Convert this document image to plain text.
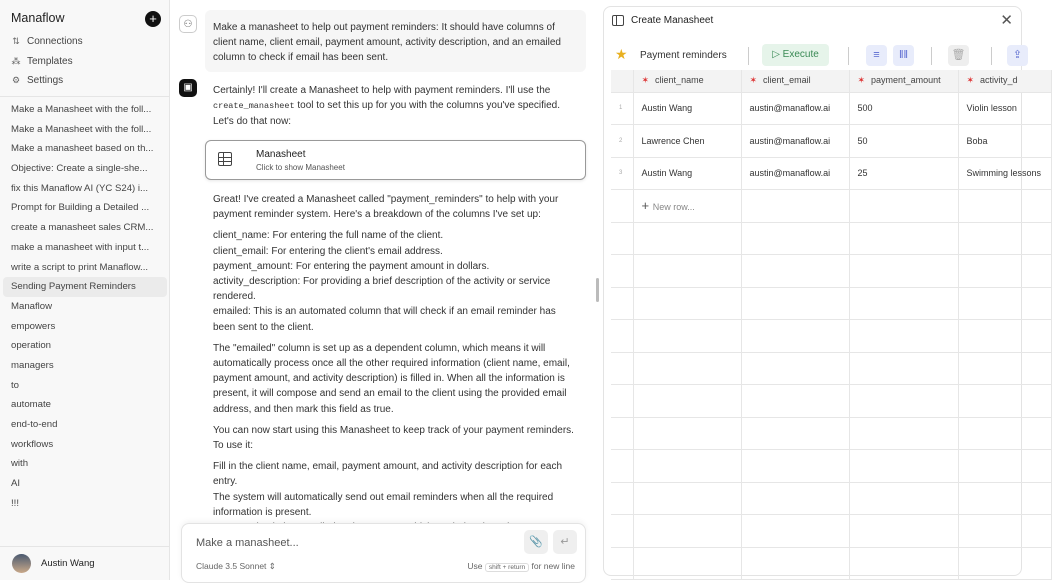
Manaflow	+
⇅ Connections
⁂ Templates
⚙ Settings
Make a Manasheet with the foll...
Make a Manasheet with the foll...
Make a manasheet based on th...
Objective: Create a single-she...
fix this Manaflow AI (YC S24) i...
Prompt for Building a Detailed ...
create a manasheet sales CRM...
make a manasheet with input t...
write a script to print Manaflow...
Sending Payment Reminders
Manaflow
empowers
operation
managers
to
automate
end-to-end
workflows
with
AI
!!!
Austin Wang
⚇	Make a manasheet to help out payment reminders: It should have columns of client name, client email, payment amount, activity description, and an emailed column to check if email has been sent.
▣	Certainly! I'll create a Manasheet to help with payment reminders. I'll use the create_manasheet tool to set this up for you with the columns you've specified. Let's do that now:
Manasheet
Click to show Manasheet

Great! I've created a Manasheet called "payment_reminders" to help with your payment reminder system. Here's a breakdown of the columns I've set up:

client_name: For entering the full name of the client.
client_email: For entering the client's email address.
payment_amount: For entering the payment amount in dollars.
activity_description: For providing a brief description of the activity or service rendered.
emailed: This is an automated column that will check if an email reminder has been sent to the client.

The "emailed" column is set up as a dependent column, which means it will automatically process once all the other required information (client name, email, payment amount, and activity description) is filled in. When all the information is present, it will compose and send an email to the client using the provided email address, and then mark this field as true.

You can now start using this Manasheet to keep track of your payment reminders. To use it:

Fill in the client name, email, payment amount, and activity description for each entry.
The system will automatically send out email reminders when all the required information is present.

Make a manasheet...	📎	↵
Claude 3.5 Sonnet ⇕	Use shift + return for new line
Create Manasheet	✕
★ Payment reminders	▷ Execute	≡	‖‖	🗑	⇪
	✶ client_name	✶ client_email	✶ payment_amount	✶ activity_d
1	Austin Wang	austin@manaflow.ai	500	Violin lesson
2	Lawrence Chen	austin@manaflow.ai	50	Boba
3	Austin Wang	austin@manaflow.ai	25	Swimming lessons
	+ New row...			
